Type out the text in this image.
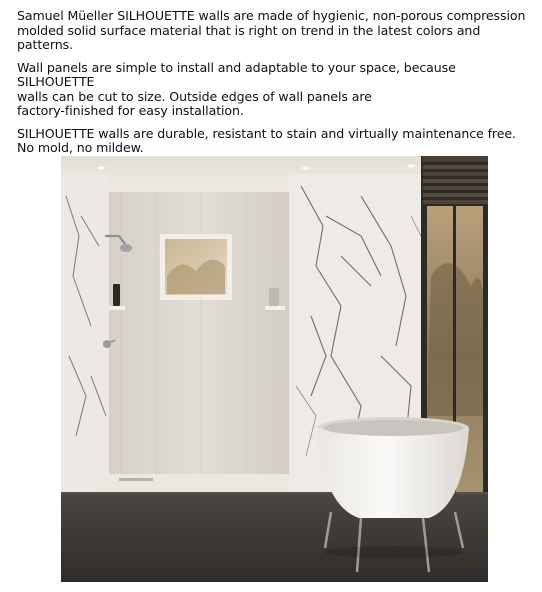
Samuel Müeller SILHOUETTE walls are made of hygienic, non-porous compression
molded solid surface material that is right on trend in the latest colors and patterns.

Wall panels are simple to install and adaptable to your space, because SILHOUETTE
walls can be cut to size. Outside edges of wall panels are
factory-finished for easy installation.

SILHOUETTE walls are durable, resistant to stain and virtually maintenance free.
No mold, no mildew.
